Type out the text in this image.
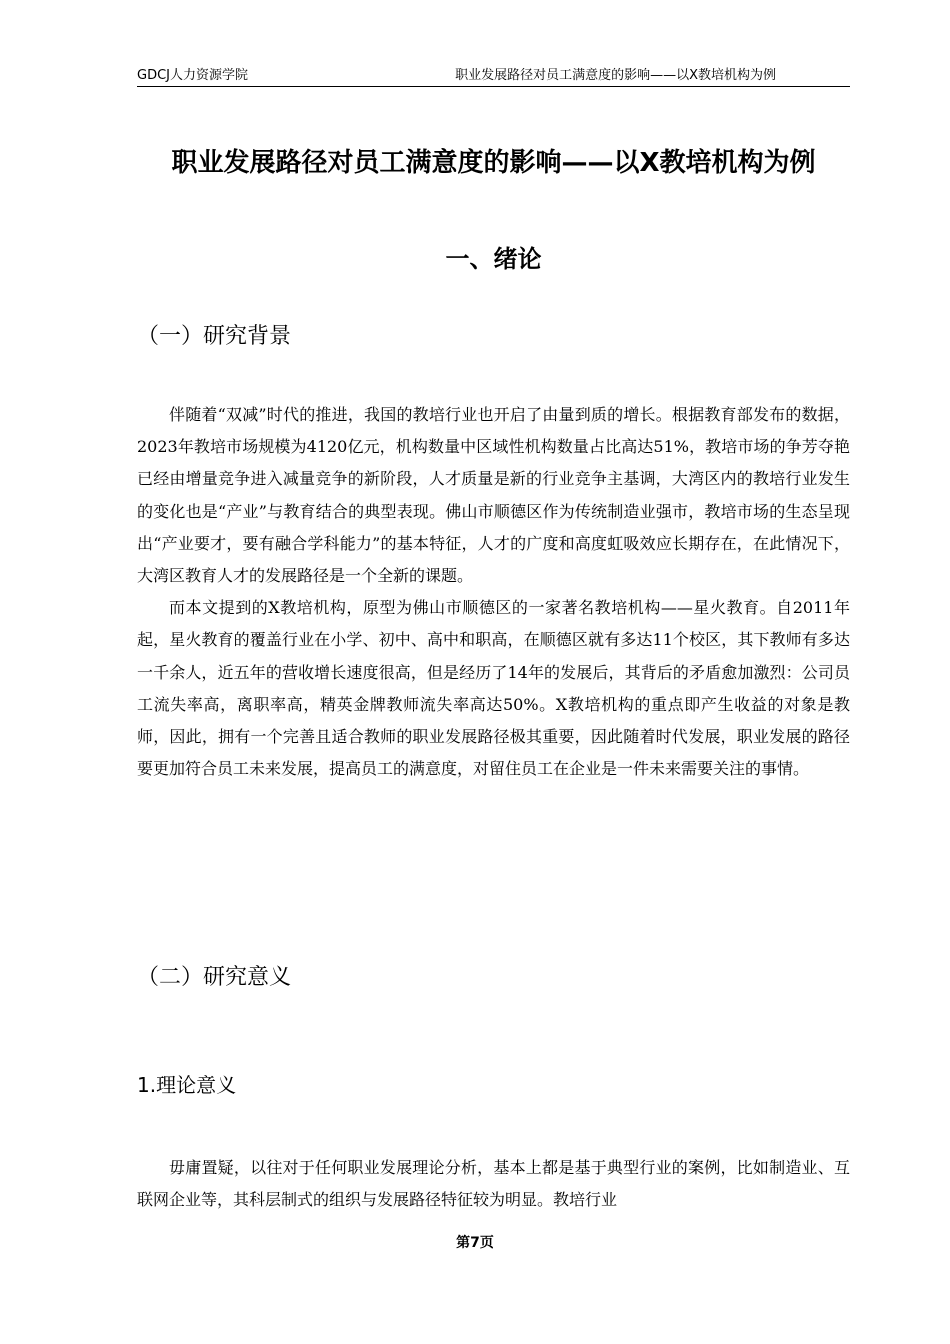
GDCJ人力资源学院	职业发展路径对员工满意度的影响——以X教培机构为例
职业发展路径对员工满意度的影响——以X教培机构为例
一、绪论
（一）研究背景

伴随着“双减”时代的推进，我国的教培行业也开启了由量到质的增长。根据教育部发布的数据，2023年教培市场规模为4120亿元，机构数量中区域性机构数量占比高达51%，教培市场的争芳夺艳已经由增量竞争进入减量竞争的新阶段，人才质量是新的行业竞争主基调，大湾区内的教培行业发生的变化也是“产业”与教育结合的典型表现。佛山市顺德区作为传统制造业强市，教培市场的生态呈现出“产业要才，要有融合学科能力”的基本特征，人才的广度和高度虹吸效应长期存在，在此情况下，大湾区教育人才的发展路径是一个全新的课题。

而本文提到的X教培机构，原型为佛山市顺德区的一家著名教培机构——星火教育。自2011年起，星火教育的覆盖行业在小学、初中、高中和职高，在顺德区就有多达11个校区，其下教师有多达一千余人，近五年的营收增长速度很高，但是经历了14年的发展后，其背后的矛盾愈加激烈：公司员工流失率高，离职率高，精英金牌教师流失率高达50%。X教培机构的重点即产生收益的对象是教师，因此，拥有一个完善且适合教师的职业发展路径极其重要，因此随着时代发展，职业发展的路径要更加符合员工未来发展，提高员工的满意度，对留住员工在企业是一件未来需要关注的事情。

（二）研究意义
1.理论意义

毋庸置疑，以往对于任何职业发展理论分析，基本上都是基于典型行业的案例，比如制造业、互联网企业等，其科层制式的组织与发展路径特征较为明显。教培行业

第7页
